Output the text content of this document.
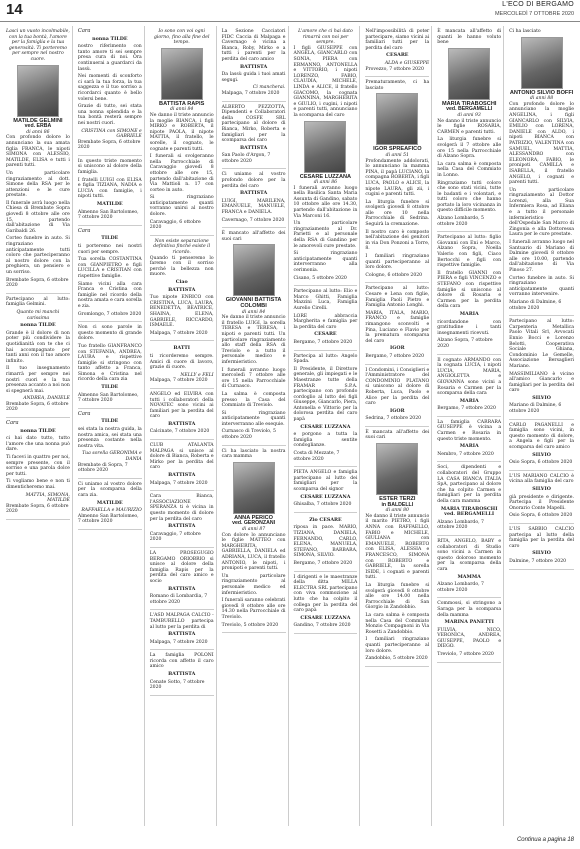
14	L'ECO DI BERGAMO
MERCOLEDÌ 7 OTTOBRE 2020
Lasci un vuoto incolmabile, con la tua bontà, l'amore per la famiglia e la tua generosità. Ti porteremo per sempre nel nostro cuore.
MATILDE GELMINI
ved. ERBA
di anni 86

Con profondo dolore lo annunciano la sua amata figlia FRANCA, le nipoti SIMONA con ALESSIO, MATILDE, ELISA e tutti i parenti tutti.

Un particolare ringraziamento al dott. Simone della RSA per le attenzioni e le cure prestate.

Il funerale avrà luogo nella Chiesa di Brembate Sopra giovedì 8 ottobre alle ore 15, partendo dall'abitazione di Via Garibaldi 26.

Corteo funebre in auto. Si ringraziano anticipatamente tutti coloro che parteciperanno al nostro dolore con la preghiera, un pensiero e un sorriso.

Brembate Sopra, 6 ottobre 2020

Partecipano al lutto: famiglia Gelmini.

Quanto mi manchi carissima
nonna TILDE

Grande è il dolore di non poter più condividere la quotidianità con te che ci hai accompagnato per tanti anni con il tuo amore infinito.

Il tuo insegnamento rimarrà per sempre nei nostri cuori e la tua presenza accanto a noi non si spegnerà mai.

ANDREA, DANIELE
Brembate Sopra, 6 ottobre 2020
Cara
nonna TILDE

ci hai dato tutto, tutto l'amore che una nonna può dare.

Ti facevi in quattro per noi, sempre presente, con il sorriso e una parola dolce per tutti.

Ti vogliamo bene e non ti dimenticheremo mai.

MATTIA, SIMONA, MATILDE
Brembate Sopra, 6 ottobre 2020
Cara
nonna TILDE

nostro riferimento con tanto amore ti sei sempre presa cura di noi. Ora continuerai a guardarci da lassù.

Nei momenti di sconforto ci sarà la tua forza, la tua saggezza e il tuo sorriso a ricordarci quanto è bello volersi bene.

Grazie di tutto, sei stata una nonna splendida e la tua bontà resterà sempre nei nostri cuori.

CRISTINA con SIMONE e GABRIELE
Brembate Sopra, 6 ottobre 2020

In questo triste momento si uniscono al dolore della famiglia.

I fratelli LUIGI con ELISA e figlia TIZIANA, NADIA e LUCIA con famiglie, i nipoti tutti.

MATILDE
Almenno San Bartolomeo, 7 ottobre 2020
Cara
TILDE

ti porteremo nei nostri cuori per sempre.

Tua sorella COSTANTINA con GIANPIETRO e figli LUCILLA e CRISTIAN con rispettive famiglie.

Siamo vicini alla cara Franca e Cristina con famiglie nel ricordo della nostra amata e cara sorella e zia.

Gromlongo, 7 ottobre 2020

Non ci sono parole in questo momento di grande dolore.

Tuo fratello GIANFRANCO con STEFANIA, ANDREA, LAURA e rispettive famiglie si stringono con tanto affetto a Franca, Simona e Cristina nel ricordo della cara zia

TILDE
Almenno San Bartolomeo, 7 ottobre 2020
Cara
TILDE

sei stata la nostra guida, la nostra amica, sei stata una presenza costante nella nostra vita.

Tua sorella GERONIMA e DANIA
Brembate di Sopra, 7 ottobre 2020

Ci uniamo al vostro dolore per la scomparsa della cara zia.

MATILDE
RAFFAELLA e MAURIZIO
Almenno San Bartolomeo, 7 ottobre 2020
Io sono con voi ogni giorno, fino alla fine del tempo.
BATTISTA RAPIS
di anni 84

Ne danno il triste annuncio la moglie BIANCA, i figli MIRKO e ROBERTA, il nipote PAOLA, il nipote MATTIA, il fratello, le sorelle, il cognato, le cognate e parenti tutti.

I funerali si svolgeranno nella Parrocchiale di Caravaggio giovedì 8 ottobre alle ore 15, partendo dall'abitazione di Via Mattioli n. 17 con corteo in auto.

Si ringraziano anticipatamente quanti vorranno unirsi al nostro dolore.

Caravaggio, 6 ottobre 2020
Non esiste separazione definitiva finché esiste il ricordo.

Quando ti penseremo lo faremo con il sorriso perché la bellezza non muore.

Ciao
BATTISTA

Tuo nipote ENRICO con CRISTINA, LUCA, LAURA, BENEDETTA, BEATRICE, SHAINA, ELENA, GABRIELE, RICCARDO, ISMAELE.

Malpaga, 7 ottobre 2020
BATTI

ti ricorderemo sempre. Amici di cuore di lavoro, grazie di cuore.

NELLY e FELI
Malpaga, 7 ottobre 2020

ANGELO ed ELVIRA con tutti i collaboratori della NOVATEC sono vicini ai familiari per la perdita del caro

BATTISTA
Calcinate, 7 ottobre 2020

CLUB ATALANTA MALPAGA si unisce al dolore di Bianca, Roberta e Mirko per la perdita del caro

BATTISTA
Malpaga, 7 ottobre 2020

Cara Bianca, l'ASSOCIAZIONE SPERANZA ti è vicina in questo momento di dolore per la perdita del caro

BATTISTA
Caravaggio, 7 ottobre 2020

LA PROSEGUGIO BERGAMO ORIOBRIO si unisce al dolore della famiglia Rapis per la perdita del caro amico e socio

BATTISTA
Romano di Lombardia, 7 ottobre 2020

L'ASD MALPAGA CALCIO - TAMBURELLO partecipa al lutto per la perdita di

BATTISTA
Malpaga, 7 ottobre 2020

La famiglia POLONI ricorda con affetto il caro amico

BATTISTA
Cenate Sotto, 7 ottobre 2020

La Sezione Cacciatori FIDC Caccia di Malpaga e Cavernago è vicina a Bianca, Roby, Mirko e a tutti i parenti per la perdita del caro amico

BATTISTA

Da lassù guida i tuoi amati segugi.

Ci mancherai.
Malpaga, 7 ottobre 2020

ALBERTO PEZZOTTA, Dipendenti e Collaboratori della COSFE SRL partecipano al dolore di Bianca, Mirko, Roberta e famigliari per la scomparsa del caro

BATTISTA
San Paolo d'Argon, 7 ottobre 2020

Ci uniamo al vostro profondo dolore per la perdita del caro

BATTISTA

LUIGI, MARILENA, EMANUELE, MANUELE, FRANCA e DANIELA.

Cavernago, 7 ottobre 2020

È mancato all'affetto dei suoi cari

GIOVANNI BATTISTA COLOMBI
di anni 84

Ne danno il triste annuncio il fratello LUIGI, la sorella TERESA e TERESA, i nipoti e parenti tutti. Un particolare ringraziamento allo staff della RSA di Treviolo e a tutto il personale medico e infermieristico.

I funerali avranno luogo mercoledì 7 ottobre alle ore 15 nella Parrocchiale di Curnasco.

La salma è composta presso la Casa del Commiato di Treviolo.

Si ringraziano anticipatamente quanti interverranno alle esequie.

Curnasco di Treviolo, 5 ottobre 2020

Ci ha lasciato la nostra cara mamma

ANNA PERICO
ved. GERONZANI
di anni 87

Con dolore lo annunciano le figlie MATTEO con MARGHERITA, GABRIELLA, DANIELA ed ADRIANA, LUCA, il fratello ANTONIO, le nipoti, i pronipoti e parenti tutti.

Un particolare ringraziamento al personale medico ed infermieristico.

I funerali saranno celebrati giovedì 8 ottobre alle ore 14.30 nella Parrocchiale di Treviolo.

Treviolo, 5 ottobre 2020
L'amore che ci hai dato rimarrà con noi per sempre.

I figli GIUSEPPE con ANGELA, GIANCARLO con SONIA, PIERA con ERMANNO, ANTONELLA e VITTORIO, i nipoti LORENZO, FABIO, CLAUDIA, MICHELE, LINDA e ALICE, il fratello GIACOMO, la cognata GIANNINA, MARGHERITA e GIULIO, i cugini, i nipoti e parenti tutti, annunciano la scomparsa del caro

CESARE LUZZANA
di anni 86

I funerali avranno luogo nella Basilica Santa Maria Assunta di Gandino, sabato 10 ottobre alle ore 14.30, partendo dall'abitazione in Via Marconi 16.

Un particolare ringraziamento al Dr. Parietti e al personale della RSA di Gandino per le amorevoli cure prestate.

Si ringraziano anticipatamente quanti interverranno alla cerimonia.

Cisano, 5 ottobre 2020

Partecipano al lutto: Elio e Marco Ghitti, Famiglia Mazzini Luca, Famiglia Aurelio Cirelli.

LORE abbraccia Margherita e famiglia per la perdita del caro

CESARE
Bergamo, 7 ottobre 2020

Partecipa al lutto: Angelo Spada.

Il Presidente, il Direttore generale, gli impiegati e le Maestranze tutte della FRAMAR S.P.A. partecipano con profondo cordoglio al lutto dei figli Giuseppe, Giancarlo, Piera, Antonella e Vittorio per la dolorosa perdita del caro papà

CESARE LUZZANA

e porgono a tutta la famiglia sentite condoglianze.

Costa di Mezzate, 7 ottobre 2020

PIETA ANGELO e famiglia partecipano al lutto dei famigliari per la scomparsa del signor

CESARE LUZZANA
Ghisalba, 7 ottobre 2020
Zio CESARE

riposa in pace. MARIO, TIZIANA, DANIELA, FERNANDO, CARLO, ELENA, MANUELA, STEFANO, BARBARA, SIMONA, SILVIO.

Bergamo, 7 ottobre 2020

I dirigenti e le maestranze della ditta MILLA ELECTRA SRL partecipano con viva commozione al lutto che ha colpito il collega per la perdita del caro papà

CESARE LUZZANA
Gandino, 7 ottobre 2020

Nell'impossibilità di poter partecipare, siamo vicini ai familiari tutti per la perdita del caro

CESARE
ALDA e GIUSEPPE
Provezzo, 7 ottobre 2020

Prematuramente, ci ha lasciato

IGOR SPREAFICO
di anni 51

Profondamente addolorati, lo annunciano la mamma PINA, il papà LUCIANO, la compagna ROBERTA, i figli LUCA, PAOLO e ALICE, la nipote LAURA, gli zii, i cugini e parenti tutti.

La liturgia funebre si svolgerà giovedì 8 ottobre alle ore 10 nella Parrocchiale di Sedrina. Seguirà la cremazione.

Il nostro caro è composto nell'abitazione dei genitori in via Don Ponzoni a Torre, 8.

I familiari ringraziano quanti parteciperanno al loro dolore.

Cologno, 6 ottobre 2020

Partecipano al lutto: Cesare e Lena con figlie, Famiglia Paoli Pietro e Famiglia Antonio Longhi.

MARIA, ITALA, MARIO, FRANCO e famiglie rimangono sconvolti e Pina, Luciano e Flavio per la prematura scomparsa del caro

IGOR
Bergamo, 7 ottobre 2020

I Condomini, i Consiglieri e l'Amministratore del CONDOMINIO PLATANO si uniscono al dolore di Roberta, Luca, Paolo e Alice per la perdita del caro

IGOR
Sedrina, 7 ottobre 2020

È mancata all'affetto dei suoi cari

ESTER TERZI
in BALDELLI
di anni 80

Ne danno il triste annuncio il marito PIETRO, i figli ANNA con RAFFAELLO, FABIO e MICHELE, GIULIANA con EMANUELE, ROBERTO con ELISA, ALESSIA e FRANCESCO, SIMONA con ROBERTO e GABRIELE, la sorella ISIDE, i cognati e parenti tutti.

La liturgia funebre si svolgerà giovedì 8 ottobre alle ore 14.00 nella Parrocchiale di San Giorgio in Zandobbio.

La cara salma è composta nella Casa del Commiato Monzio Compagnoni in Via Rosetti a Zandobbio.

I familiari ringraziano quanti parteciperanno al loro dolore.

Zandobbio, 5 ottobre 2020

È mancata all'affetto di quanti le hanno voluto bene

MARIA TIRABOSCHI
ved. BERGAMELLI
di anni 93

Ne danno il triste annuncio le figlie ROSARIA, CARMEN e parenti tutti.

La liturgia funebre si svolgerà il 7 ottobre alle ore 15 nella Parrocchiale di Alzano Sopra.

La cara salma è composta nella Casa del Commiato in Lonno.

Ringraziamo tutti coloro che sono stati vicini, tutte le badanti e i volontari, e tutti coloro che hanno portato la loro vicinanza in questo difficile momento.

Alzano Lombardo, 5 ottobre 2020

Partecipano al lutto: figlio Giovanni con Eni e Marco, Alzano Sopra, Noella Valerio con figli, Ciaco Bertocchi e figli con rispettive famiglie.

Il fratello GIANNI con PIERA e figli VINCENZO e STEFANO con rispettive famiglie si uniscono al dolore di Rosaria e Carmen per la perdita della cara

MARIA

ricordandone con gratitudine i tanti insegnamenti ricevuti.

Alzano Sopra, 7 ottobre 2020

Il cognato ARMANDO con la cognata LUCIA, i nipoti LUCIA, MARIA, ANGIOLETTA e GIOVANNA sono vicini a Rosaria e Carmen per la scomparsa della cara

MARIA
Bergamo, 7 ottobre 2020

La famiglia CARRARA GIUSEPPE è vicina a Carmen e Rosaria in questo triste momento.

MARIA
Nembro, 7 ottobre 2020

Soci, dipendenti e collaboratori del Gruppo LA CASA BIANCA ITALIA SpA, partecipano al dolore che ha colpito Carmen e famigliari per la perdita della cara mamma

MARIA TIRABOSCHI ved. BERGAMELLI
Alzano Lombardo, 7 ottobre 2020

RITA, ANGELO, BABY e collaboratori di Studio sono vicini a Carmen in questo doloroso momento per la scomparsa della cara

MAMMA
Alzano Lombardo, 7 ottobre 2020

Commossi, si stringono a Saraga per la scomparsa della mamma

MARINA PANETTI

FULVIA, NICO, VERONICA, ANDREA, GIUSEPPE, PAOLO e DIEGO.

Treviolo, 7 ottobre 2020

Ci ha lasciato

ANTONIO SILVIO BOFFI
di anni 88

Con profondo dolore lo annunciano la moglie ANGELINA, i figli GIANCARLO con SILVIA, EMILIO con LORENA, DANIELE con ALDO, i nipoti BIANCA con PATRIZIO, VALENTINA con SAMUEL, MATTIA, ALESSANDRO con ELEONORA, FABIO, le pronipoti CAMILLA e ISABELLA, il fratello ANGELO, i cognati e parenti tutti.

Un particolare ringraziamento al Dottor Lorenzi, alla Sua Infermiera Rosa, ad Eliana e a tutto il personale infermieristico dell'Ospedale San Marco di Zingonia e alla Dottoressa Laura per le cure prestate.

I funerali avranno luogo nel Santuario di Mariano di Dalmine giovedì 8 ottobre alle ore 10.00, partendo dall'abitazione di Via Pinoso 27.

Corteo funebre in auto. Si ringraziano anticipatamente quanti vorranno intervenire.

Mariano di Dalmine, 6 ottobre 2020

Partecipano al lutto: Carpenteria Metallica Paolo Vitali Srl, Avvocati Ennio Bocci e Lorenzo Belotti, Cooperativa Sociale Ghiana, Condominio Le Gemelle, Associazione Bersaglieri Mariano.

MASSIMILIANO è vicino all'amico Giancarlo e famigliari per la perdita del caro

SILVIO
Mariano di Dalmine, 6 ottobre 2020

CARLO PAGANELLI e famiglia sono vicini, in questo momento di dolore, a Angela e figli per la scomparsa del caro amico

SILVIO
Osio Sopra, 6 ottobre 2020

L'US MARIANO CALCIO è vicina alla famiglia del caro

SILVIO

già presidente e dirigente. Partecipa il Presidente Onorario Conte Mapelli.

Osio Sopra, 6 ottobre 2020

L'US SABBIO CALCIO partecipa al lutto della famiglia per la perdita del caro

SILVIO
Dalmine, 7 ottobre 2020
Continua a pagina 18
